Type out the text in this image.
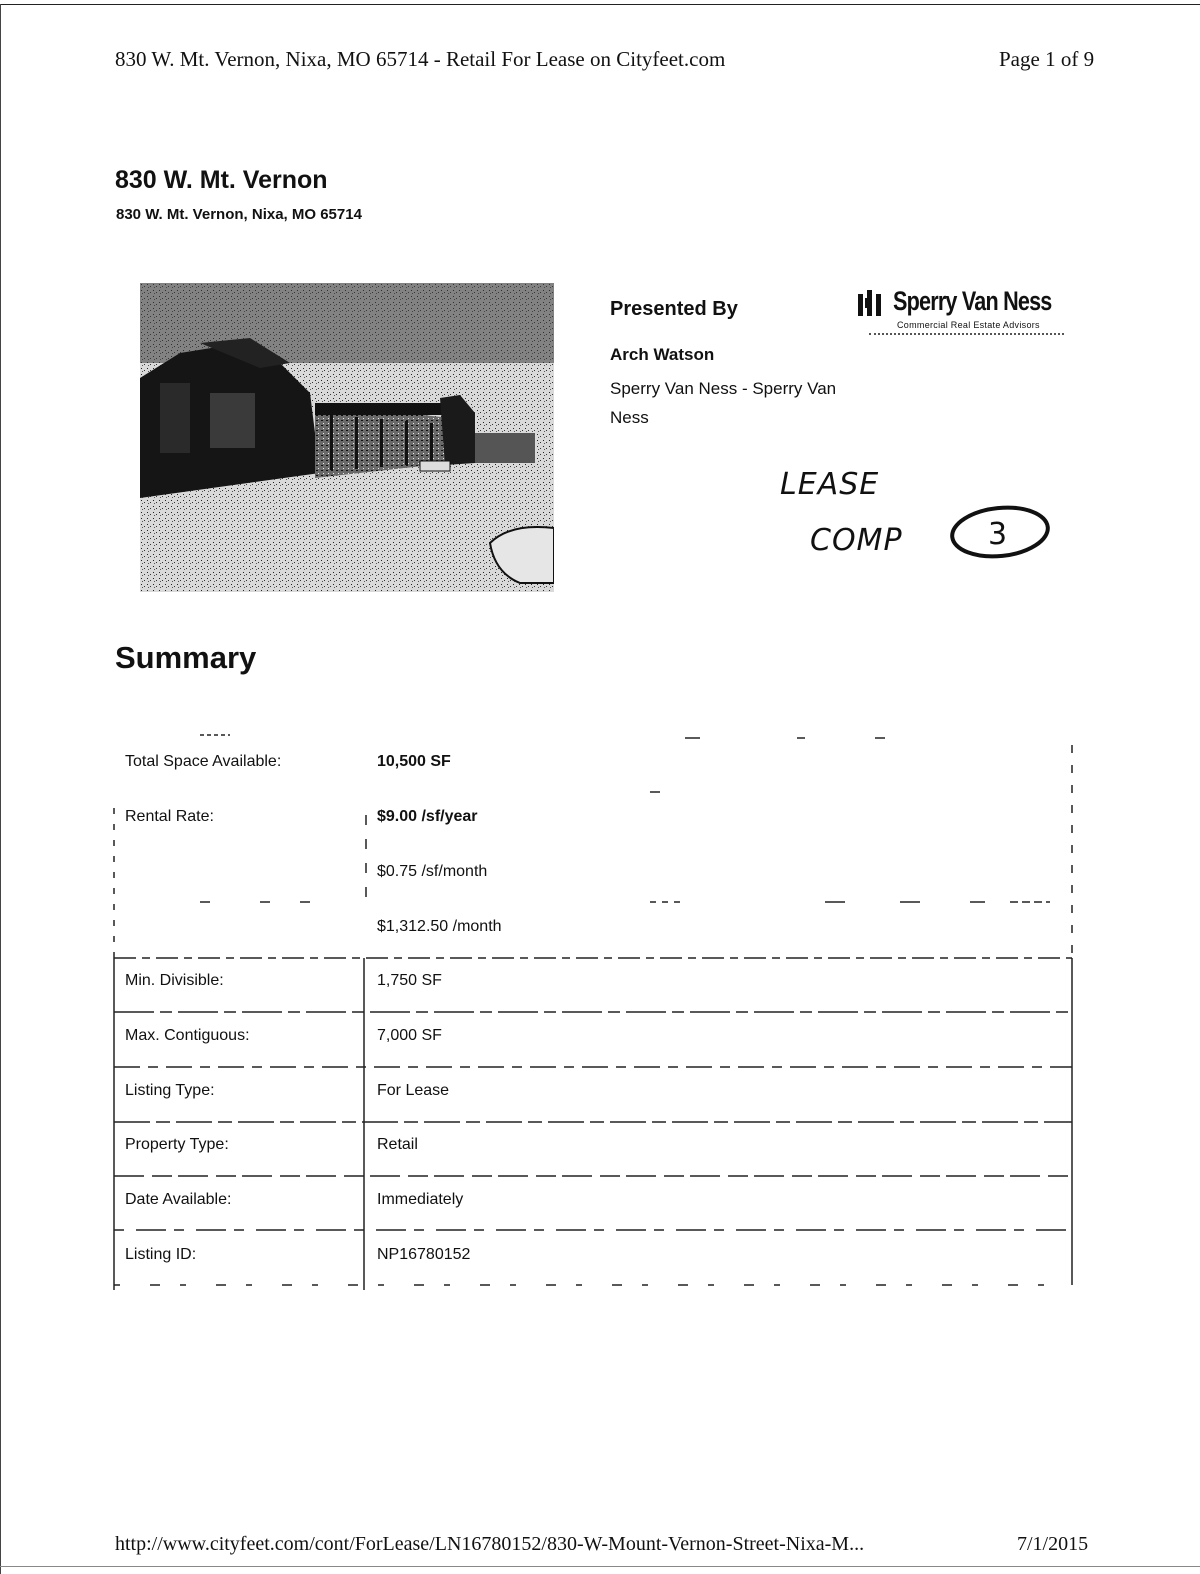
830 W. Mt. Vernon, Nixa, MO 65714 - Retail For Lease on Cityfeet.com	Page 1 of 9
830 W. Mt. Vernon
830 W. Mt. Vernon, Nixa, MO 65714
Presented By
Arch Watson
Sperry Van Ness - Sperry Van Ness
Sperry Van Ness
Commercial Real Estate Advisors
LEASE
COMP	3
Summary
Total Space Available:	10,500 SF
Rental Rate:	$9.00 /sf/year
$0.75 /sf/month
$1,312.50 /month
Min. Divisible:	1,750 SF
Max. Contiguous:	7,000 SF
Listing Type:	For Lease
Property Type:	Retail
Date Available:	Immediately
Listing ID:	NP16780152
http://www.cityfeet.com/cont/ForLease/LN16780152/830-W-Mount-Vernon-Street-Nixa-M...	7/1/2015
